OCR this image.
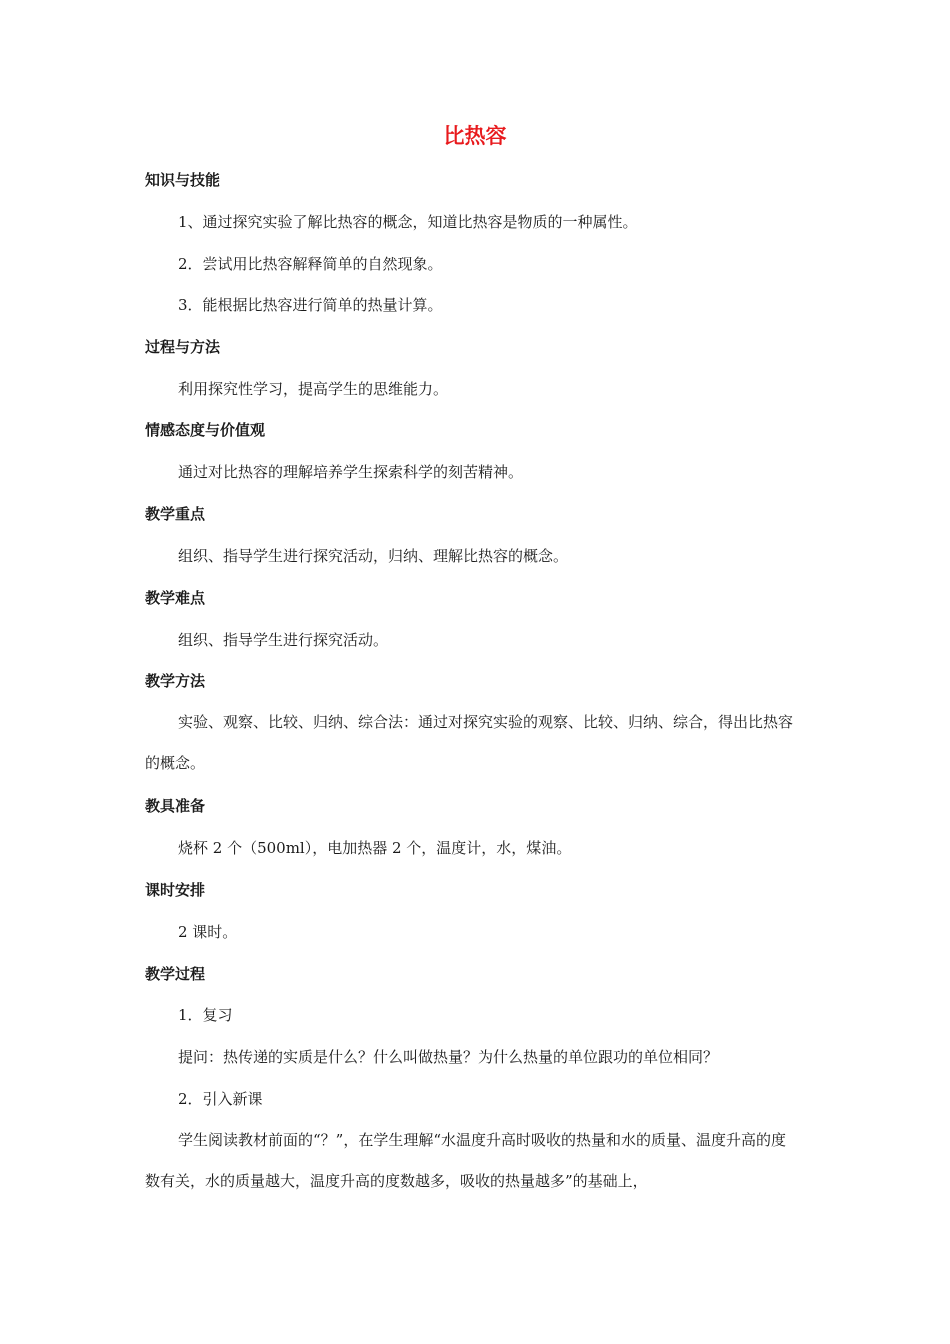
比热容
知识与技能
1、通过探究实验了解比热容的概念，知道比热容是物质的一种属性。
2．尝试用比热容解释简单的自然现象。
3．能根据比热容进行简单的热量计算。
过程与方法
利用探究性学习，提高学生的思维能力。
情感态度与价值观
通过对比热容的理解培养学生探索科学的刻苦精神。
教学重点
组织、指导学生进行探究活动，归纳、理解比热容的概念。
教学难点
组织、指导学生进行探究活动。
教学方法
实验、观察、比较、归纳、综合法：通过对探究实验的观察、比较、归纳、综合，得出比热容的概念。
教具准备
烧杯 2 个（500ml），电加热器 2 个，温度计，水，煤油。
课时安排
2 课时。
教学过程
1．复习
提问：热传递的实质是什么？什么叫做热量？为什么热量的单位跟功的单位相同？
2．引入新课
学生阅读教材前面的“？”，在学生理解“水温度升高时吸收的热量和水的质量、温度升高的度数有关，水的质量越大，温度升高的度数越多，吸收的热量越多”的基础上，
